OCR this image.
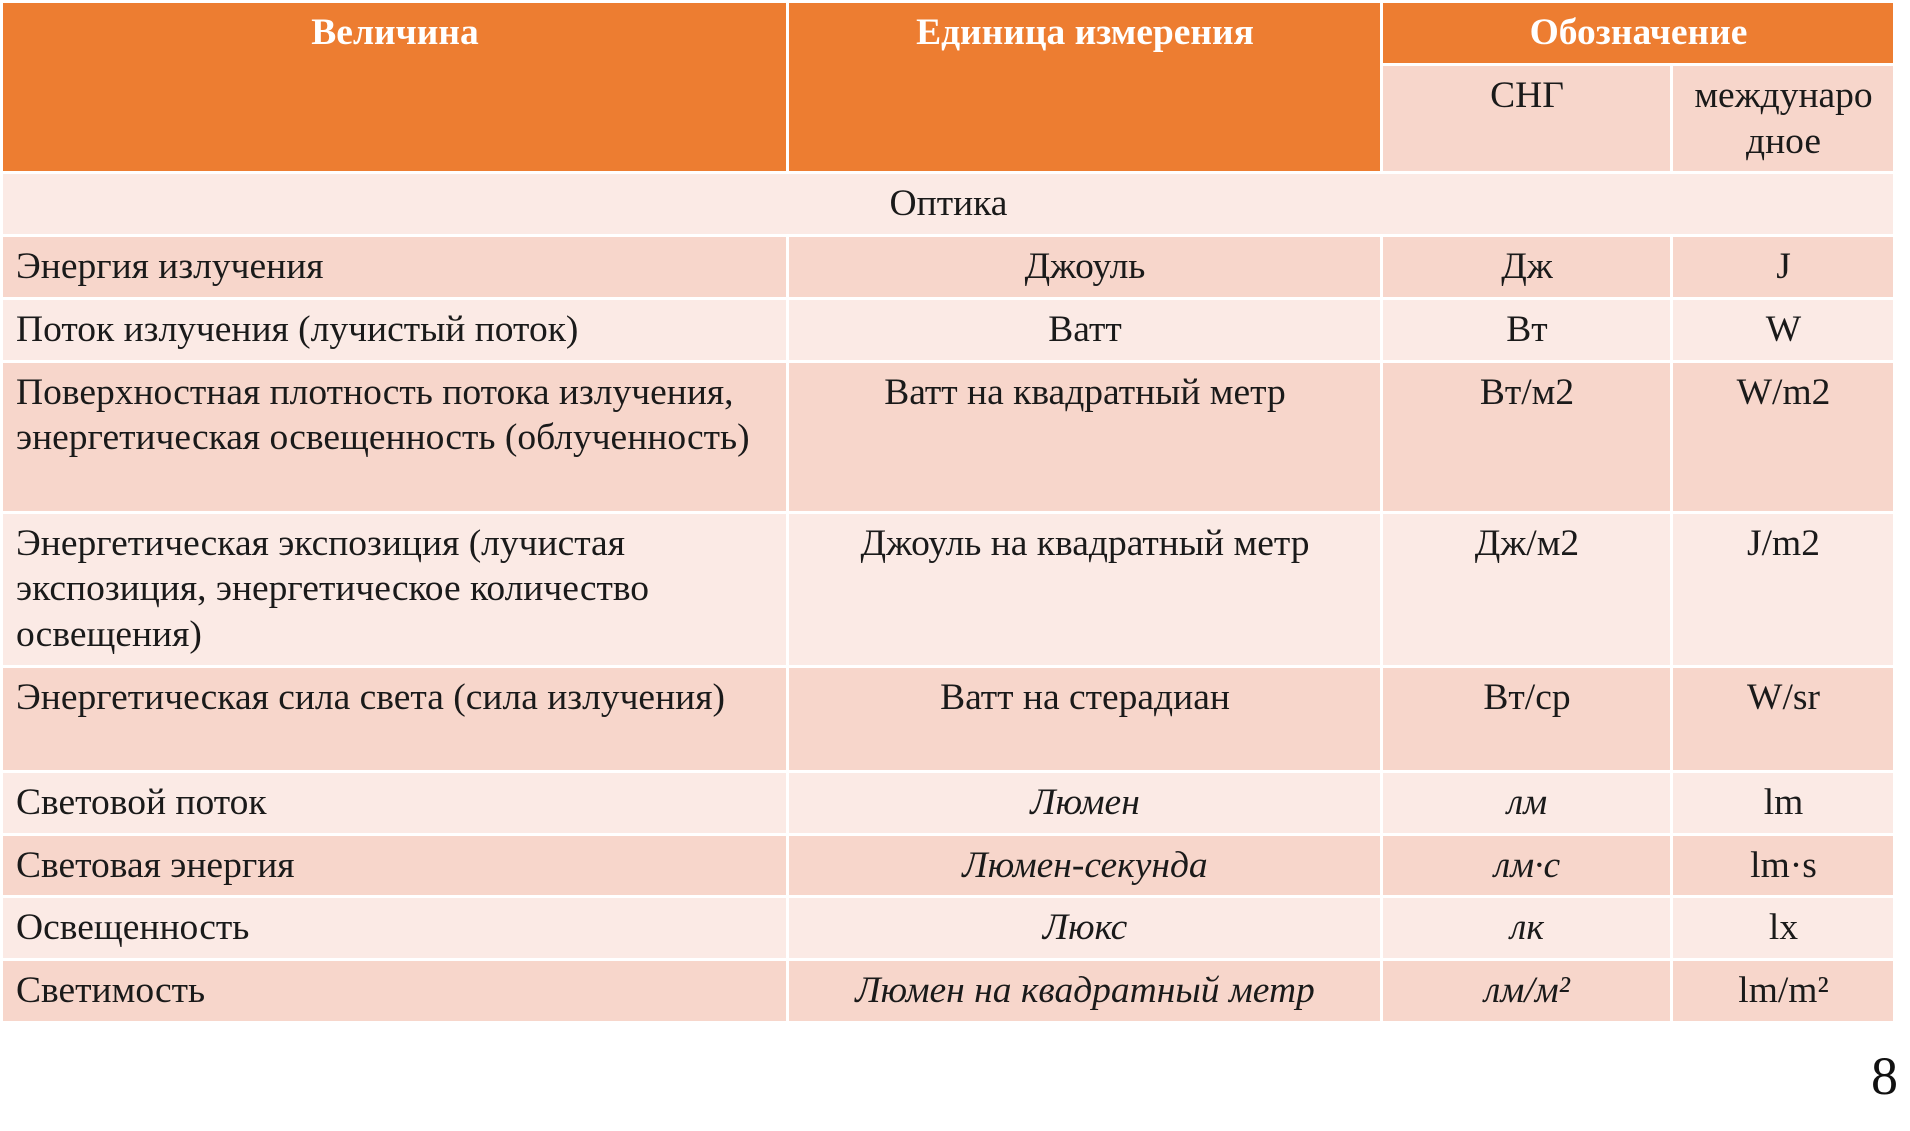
Величина	Единица измерения	Обозначение	
		СНГ	международное
Оптика			
Энергия излучения	Джоуль	Дж	J
Поток излучения (лучистый поток)	Ватт	Вт	W
Поверхностная плотность потока излучения, энергетическая освещенность (облученность)	Ватт на квадратный метр	Вт/м2	W/m2
Энергетическая экспозиция (лучистая экспозиция, энергетическое количество освещения)	Джоуль на квадратный метр	Дж/м2	J/m2
Энергетическая сила света (сила излучения)	Ватт на стерадиан	Вт/ср	W/sr
Световой поток	Люмен	лм	lm
Световая энергия	Люмен-секунда	лм·с	lm·s
Освещенность	Люкс	лк	lx
Светимость	Люмен на квадратный метр	лм/м²	lm/m²
8
